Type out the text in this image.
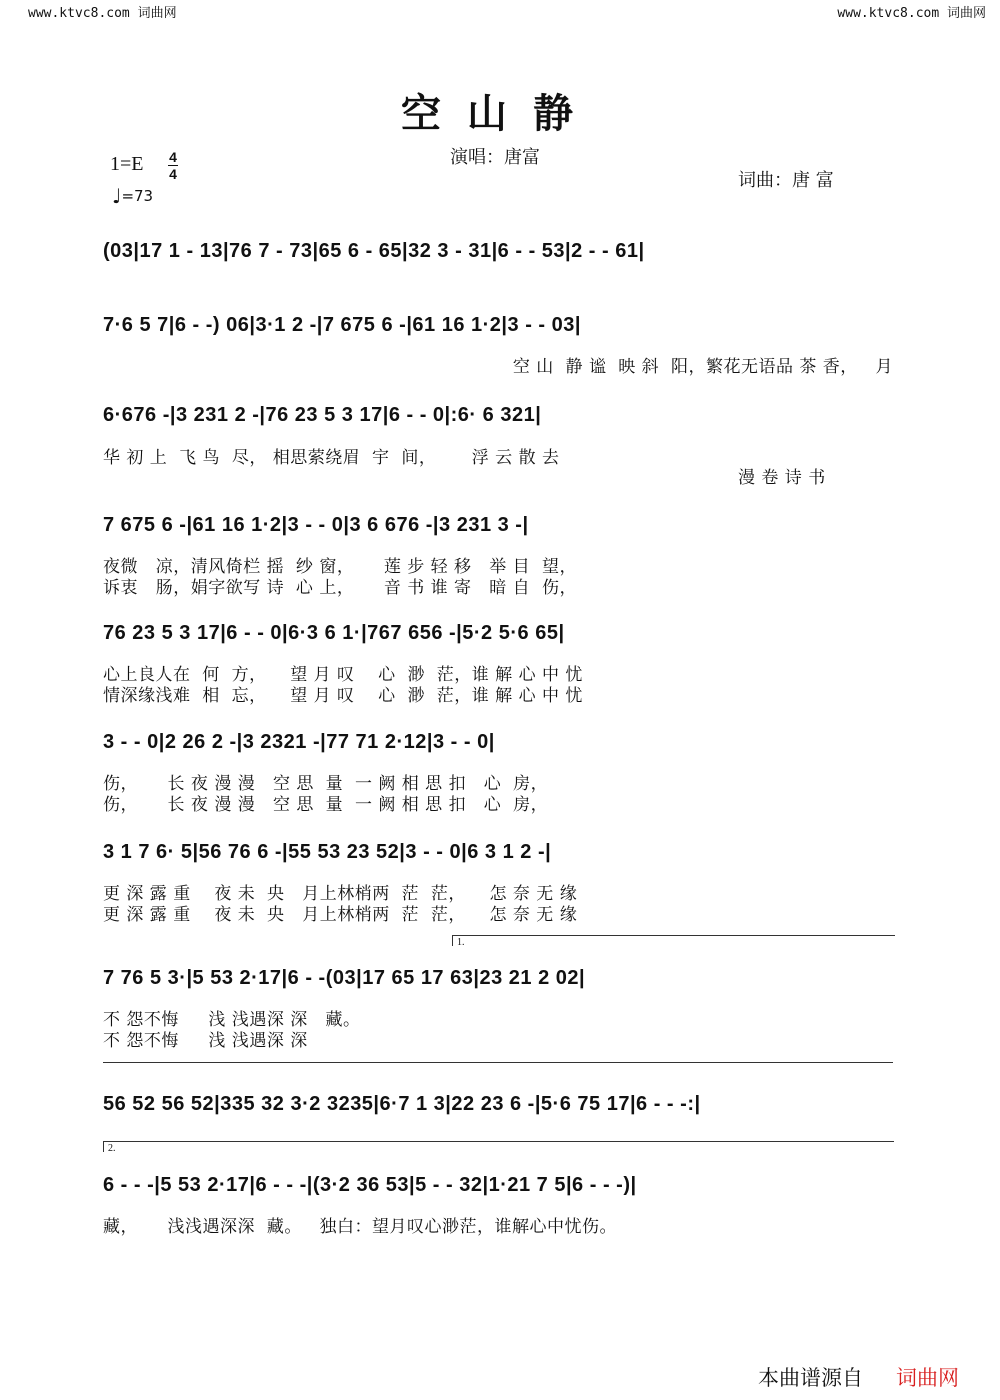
www.ktvc8.com 词曲网	www.ktvc8.com 词曲网
空山静
演唱：唐富
词曲：唐 富
1=E 4
4
♩=73
(03|17 1 - 13|76 7 - 73|65 6 - 65|32 3 - 31|6 - - 53|2 - - 61|
7·6 5 7|6 - -) 06|3·1 2 -|7 675 6 -|61 16 1·2|3 - - 03|
空 山  静 谧  映 斜  阳，繁花无语品 茶 香，   月
6·676 -|3 231 2 -|76 23 5 3 17|6 - - 0|:6· 6 321|
华 初 上  飞 鸟  尽， 相思萦绕眉  宇  间，      浮 云 散 去
漫 卷 诗 书
7 675 6 -|61 16 1·2|3 - - 0|3 6 676 -|3 231 3 -|
夜微   凉，清风倚栏 摇  纱 窗，     莲 步 轻 移   举 目  望，
诉衷   肠，娟字欲写 诗  心 上，     音 书 谁 寄   暗 自  伤，
76 23 5 3 17|6 - - 0|6·3 6 1·|767 656 -|5·2 5·6 65|
心上良人在  何  方，    望 月 叹    心  渺  茫，谁 解 心 中 忧
情深缘浅难  相  忘，    望 月 叹    心  渺  茫，谁 解 心 中 忧
3 - - 0|2 26 2 -|3 2321 -|77 71 2·12|3 - - 0|
伤，     长 夜 漫 漫   空 思  量  一 阙 相 思 扣   心  房，
伤，     长 夜 漫 漫   空 思  量  一 阙 相 思 扣   心  房，
3 1 7 6· 5|56 76 6 -|55 53 23 52|3 - - 0|6 3 1 2 -|
更 深 露 重    夜 未  央   月上林梢两  茫  茫，    怎 奈 无 缘
更 深 露 重    夜 未  央   月上林梢两  茫  茫，    怎 奈 无 缘
1.
7 76 5 3·|5 53 2·17|6 - -(03|17 65 17 63|23 21 2 02|
不 怨不悔     浅 浅遇深 深   藏。
不 怨不悔     浅 浅遇深 深
56 52 56 52|335 32 3·2 3235|6·7 1 3|22 23 6 -|5·6 75 17|6 - - -:|
2.
6 - - -|5 53 2·17|6 - - -|(3·2 36 53|5 - - 32|1·21 7 5|6 - - -)|
藏，     浅浅遇深深  藏。   独白：望月叹心渺茫，谁解心中忧伤。
本曲谱源自 词曲网
